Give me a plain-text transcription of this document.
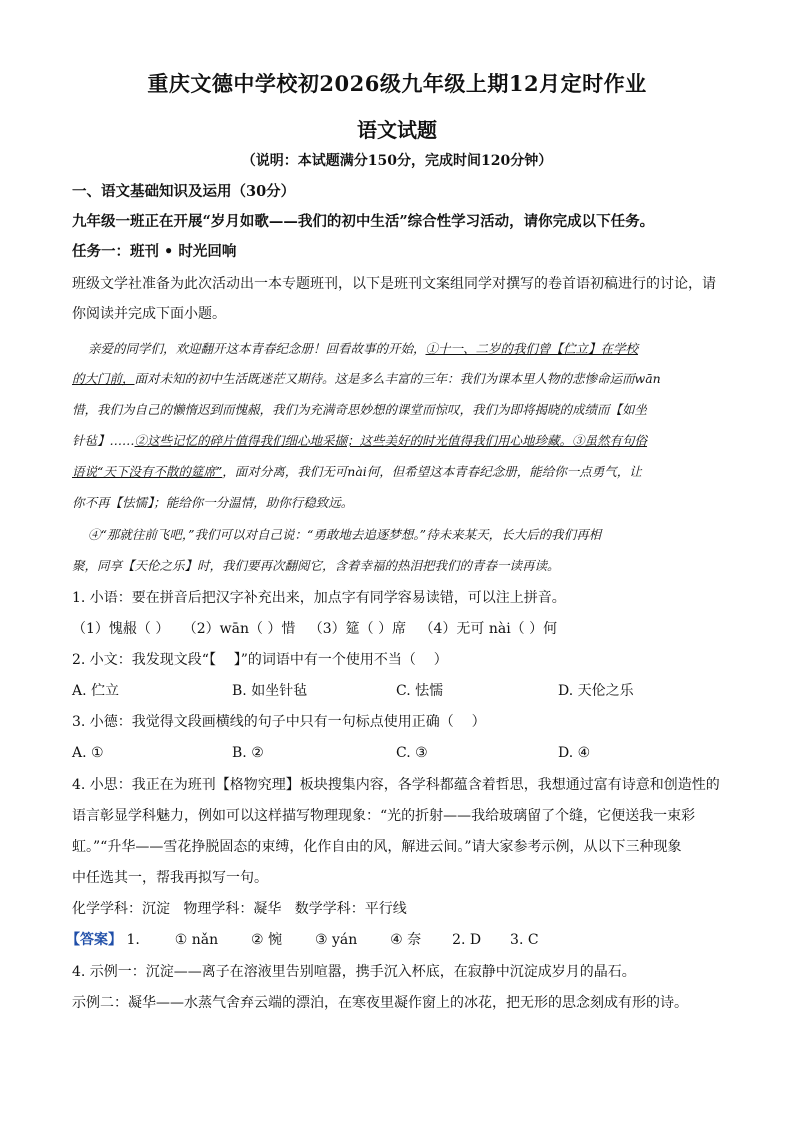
重庆文德中学校初2026级九年级上期12月定时作业
语文试题
（说明：本试题满分150分，完成时间120分钟）
一、语文基础知识及运用（30分）
九年级一班正在开展“岁月如歌——我们的初中生活”综合性学习活动，请你完成以下任务。
任务一：班刊 • 时光回响
班级文学社准备为此次活动出一本专题班刊，以下是班刊文案组同学对撰写的卷首语初稿进行的讨论，请
你阅读并完成下面小题。
亲爱的同学们，欢迎翻开这本青春纪念册！回看故事的开始，①十一、二岁的我们曾【伫立】在学校
的大门前，面对未知的初中生活既迷茫又期待。这是多么丰富的三年：我们为课本里人物的悲惨命运而wān
惜，我们为自己的懒惰迟到而愧赧，我们为充满奇思妙想的课堂而惊叹，我们为即将揭晓的成绩而【如坐
针毡】……②这些记忆的碎片值得我们细心地采撷；这些美好的时光值得我们用心地珍藏。③虽然有句俗
语说“天下没有不散的筵席”，面对分离，我们无可nài何，但希望这本青春纪念册，能给你一点勇气，让
你不再【怯懦】；能给你一分温情，助你行稳致远。
④“那就往前飞吧，”我们可以对自己说：“勇敢地去追逐梦想。”待未来某天，长大后的我们再相
聚，同享【天伦之乐】时，我们要再次翻阅它，含着幸福的热泪把我们的青春一读再读。
1. 小语：要在拼音后把汉字补充出来，加点字有同学容易读错，可以注上拼音。
（1）愧赧（ ）   （2）wān（ ）惜   （3）筵（ ）席   （4）无可 nài（ ）何
2. 小文：我发现文段“【    】”的词语中有一个使用不当（    ）
A. 伫立	B. 如坐针毡	C. 怯懦	D. 天伦之乐
3. 小德：我觉得文段画横线的句子中只有一句标点使用正确（    ）
A. ①	B. ②	C. ③	D. ④
4. 小思：我正在为班刊【格物究理】板块搜集内容，各学科都蕴含着哲思，我想通过富有诗意和创造性的
语言彰显学科魅力，例如可以这样描写物理现象：“光的折射——我给玻璃留了个缝，它便送我一束彩
虹。”“升华——雪花挣脱固态的束缚，化作自由的风，解进云间。”请大家参考示例，从以下三种现象
中任选其一，帮我再拟写一句。
化学学科：沉淀   物理学科：凝华   数学学科：平行线
【答案】 1. ① nǎn ② 惋 ③ yán ④ 奈 2. D 3. C
4. 示例一：沉淀——离子在溶液里告别喧嚣，携手沉入杯底，在寂静中沉淀成岁月的晶石。
示例二：凝华——水蒸气舍弃云端的漂泊，在寒夜里凝作窗上的冰花，把无形的思念刻成有形的诗。
